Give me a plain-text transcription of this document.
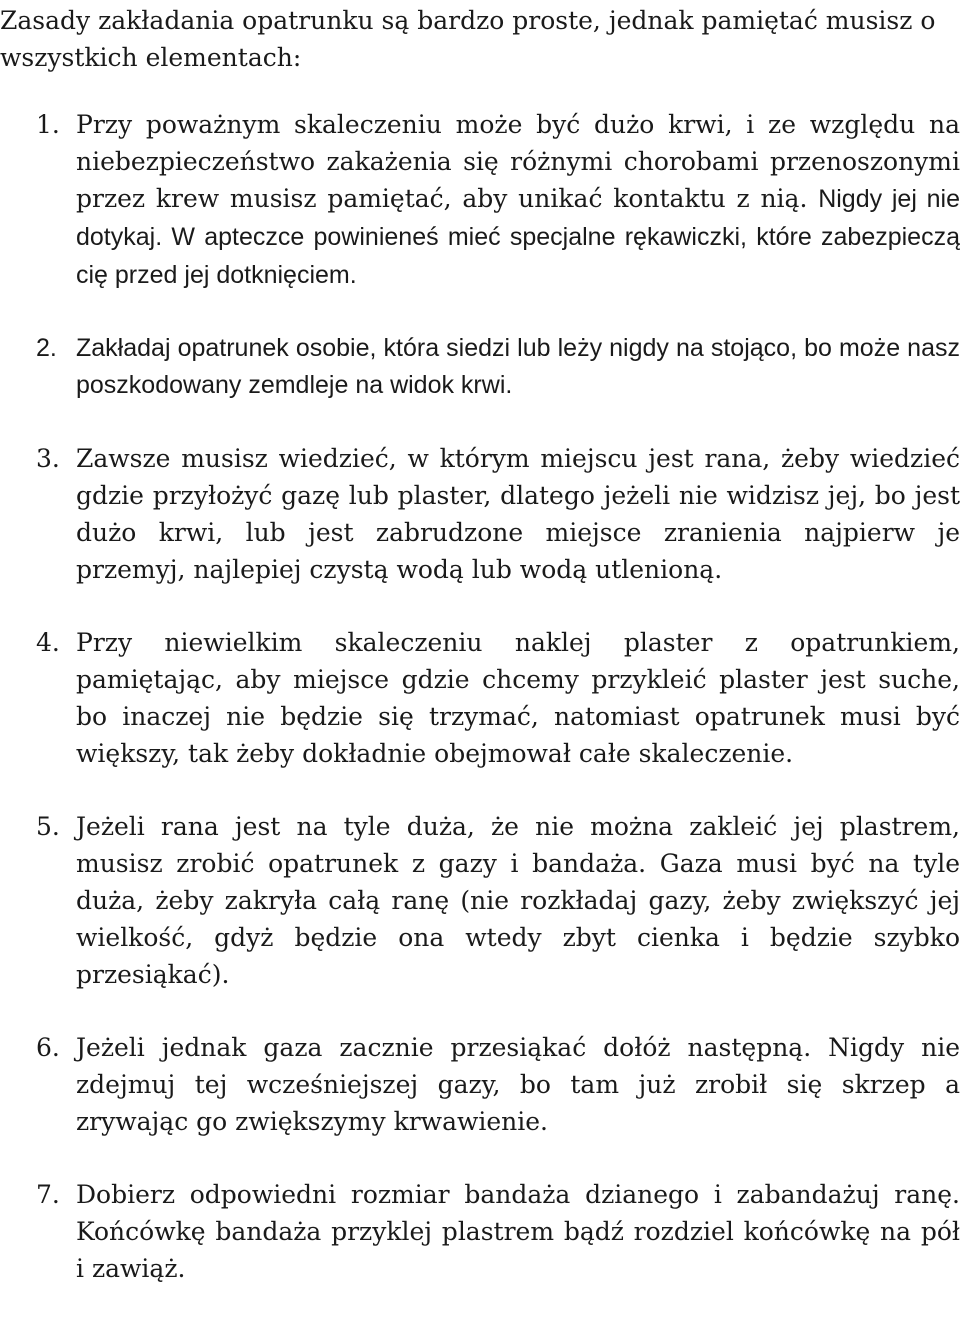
Zasady zakładania opatrunku są bardzo proste, jednak pamiętać musisz o wszystkich elementach:

1. Przy poważnym skaleczeniu może być dużo krwi, i ze względu na niebezpieczeństwo zakażenia się różnymi chorobami przenoszonymi przez krew musisz pamiętać, aby unikać kontaktu z nią. Nigdy jej nie dotykaj. W apteczce powinieneś mieć specjalne rękawiczki, które zabezpieczą cię przed jej dotknięciem.
2. Zakładaj opatrunek osobie, która siedzi lub leży nigdy na stojąco, bo może nasz poszkodowany zemdleje na widok krwi.
3. Zawsze musisz wiedzieć, w którym miejscu jest rana, żeby wiedzieć gdzie przyłożyć gazę lub plaster, dlatego jeżeli nie widzisz jej, bo jest dużo krwi, lub jest zabrudzone miejsce zranienia najpierw je przemyj, najlepiej czystą wodą lub wodą utlenioną.
4. Przy niewielkim skaleczeniu naklej plaster z opatrunkiem, pamiętając, aby miejsce gdzie chcemy przykleić plaster jest suche, bo inaczej nie będzie się trzymać, natomiast opatrunek musi być większy, tak żeby dokładnie obejmował całe skaleczenie.
5. Jeżeli rana jest na tyle duża, że nie można zakleić jej plastrem, musisz zrobić opatrunek z gazy i bandaża. Gaza musi być na tyle duża, żeby zakryła całą ranę (nie rozkładaj gazy, żeby zwiększyć jej wielkość, gdyż będzie ona wtedy zbyt cienka i będzie szybko przesiąkać).
6. Jeżeli jednak gaza zacznie przesiąkać dołóż następną. Nigdy nie zdejmuj tej wcześniejszej gazy, bo tam już zrobił się skrzep a zrywając go zwiększymy krwawienie.
7. Dobierz odpowiedni rozmiar bandaża dzianego i zabandażuj ranę. Końcówkę bandaża przyklej plastrem bądź rozdziel końcówkę na pół i zawiąż.
